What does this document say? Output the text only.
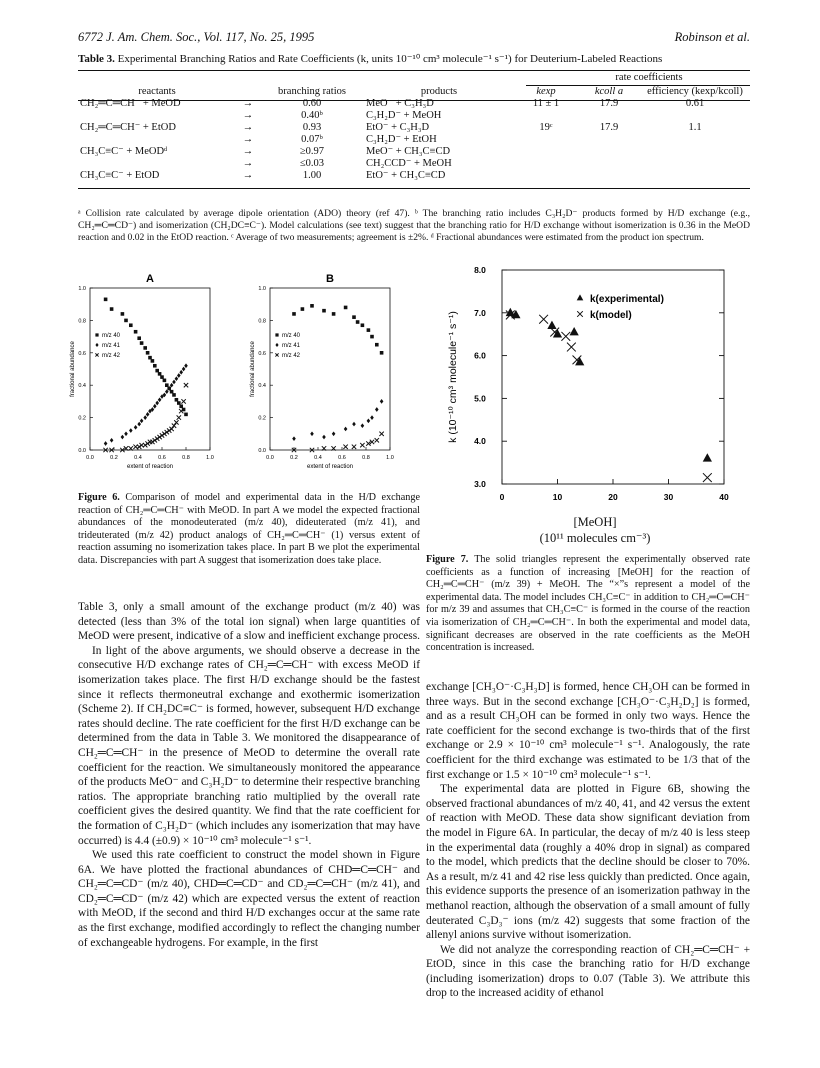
6772 J. Am. Chem. Soc., Vol. 117, No. 25, 1995	Robinson et al.
Table 3. Experimental Branching Ratios and Rate Coefficients (k, units 10⁻¹⁰ cm³ molecule⁻¹ s⁻¹) for Deuterium-Labeled Reactions
rate coefficients
reactants		branching ratios	products	kexp	kcoll a	efficiency (kexp/kcoll)
CH₂═C═CH⁻ + MeOD	→	0.60	MeO⁻ + C₃H₃D	11 ± 1	17.9	0.61
	→	0.40ᵇ	C₃H₂D⁻ + MeOH			
CH₂═C═CH⁻ + EtOD	→	0.93	EtO⁻ + C₃H₃D	19ᶜ	17.9	1.1
	→	0.07ᵇ	C₃H₂D⁻ + EtOH			
CH₃C≡C⁻ + MeODᵈ	→	≥0.97	MeO⁻ + CH₃C≡CD			
	→	≤0.03	CH₂CCD⁻ + MeOH			
CH₃C≡C⁻ + EtOD	→	1.00	EtO⁻ + CH₃C≡CD			
ᵃ Collision rate calculated by average dipole orientation (ADO) theory (ref 47). ᵇ The branching ratio includes C₃H₂D⁻ products formed by H/D exchange (e.g., CH₂═C═CD⁻) and isomerization (CH₂DC≡C⁻). Model calculations (see text) suggest that the branching ratio for H/D exchange without isomerization is 0.36 in the MeOD reaction and 0.02 in the EtOD reaction. ᶜ Average of two measurements; agreement is ±2%. ᵈ Fractional abundances were estimated from the product ion spectrum.
A
0.0	0.2	0.4	0.6	0.8	1.0
0.0
0.2
0.4
0.6
0.8
1.0
extent of reaction
fractional abundance
m/z 40
m/z 41
m/z 42
B
0.0	0.2	0.4	0.6	0.8	1.0
0.0
0.2
0.4
0.6
0.8
1.0
extent of reaction
fractional abundance
m/z 40
m/z 41
m/z 42
Figure 6. Comparison of model and experimental data in the H/D exchange reaction of CH₂═C═CH⁻ with MeOD. In part A we model the expected fractional abundances of the monodeuterated (m/z 40), dideuterated (m/z 41), and trideuterated (m/z 42) product analogs of CH₂═C═CH⁻ (1) versus extent of reaction assuming no isomerization takes place. In part B we plot the experimental data. Discrepancies with part A suggest that isomerization does take place.
3.0
4.0
5.0
6.0
7.0
8.0
0	10	20	30	40
k (10⁻¹⁰ cm³ molecule⁻¹ s⁻¹)
k(experimental)
k(model)
[MeOH]
(10¹¹ molecules cm⁻³)
Figure 7. The solid triangles represent the experimentally observed rate coefficients as a function of increasing [MeOH] for the reaction of CH₂═C═CH⁻ (m/z 39) + MeOH. The “×”s represent a model of the experimental data. The model includes CH₃C≡C⁻ in addition to CH₂═C═CH⁻ for m/z 39 and assumes that CH₃C≡C⁻ is formed in the course of the reaction via isomerization of CH₂═C═CH⁻. In both the experimental and model data, significant decreases are observed in the rate coefficients as the MeOH concentration is increased.

Table 3, only a small amount of the exchange product (m/z 40) was detected (less than 3% of the total ion signal) when large quantities of MeOD were present, indicative of a slow and inefficient exchange process.

In light of the above arguments, we should observe a decrease in the consecutive H/D exchange rates of CH₂═C═CH⁻ with excess MeOD if isomerization takes place. The first H/D exchange should be the fastest since it reflects thermoneutral exchange and exothermic isomerization (Scheme 2). If CH₂DC≡C⁻ is formed, however, subsequent H/D exchange rates should decline. The rate coefficient for the first H/D exchange can be determined from the data in Table 3. We monitored the disappearance of CH₂═C═CH⁻ in the presence of MeOD to determine the overall rate coefficient for the reaction. We simultaneously monitored the appearance of the products MeO⁻ and C₃H₂D⁻ to determine their respective branching ratios. The appropriate branching ratio multiplied by the overall rate coefficient gives the desired quantity. We find that the rate coefficient for the formation of C₃H₂D⁻ (which includes any isomerization that may have occurred) is 4.4 (±0.9) × 10⁻¹⁰ cm³ molecule⁻¹ s⁻¹.

We used this rate coefficient to construct the model shown in Figure 6A. We have plotted the fractional abundances of CHD═C═CH⁻ and CH₂═C═CD⁻ (m/z 40), CHD═C═CD⁻ and CD₂═C═CH⁻ (m/z 41), and CD₂═C═CD⁻ (m/z 42) which are expected versus the extent of reaction with MeOD, if the second and third H/D exchanges occur at the same rate as the first exchange, modified accordingly to reflect the changing number of exchangeable hydrogens. For example, in the first

exchange [CH₃O⁻·C₃H₃D] is formed, hence CH₃OH can be formed in three ways. But in the second exchange [CH₃O⁻·C₃H₂D₂] is formed, and as a result CH₃OH can be formed in only two ways. Hence the rate coefficient for the second exchange is two-thirds that of the first exchange or 2.9 × 10⁻¹⁰ cm³ molecule⁻¹ s⁻¹. Analogously, the rate coefficient for the third exchange was estimated to be 1/3 that of the first exchange or 1.5 × 10⁻¹⁰ cm³ molecule⁻¹ s⁻¹.

The experimental data are plotted in Figure 6B, showing the observed fractional abundances of m/z 40, 41, and 42 versus the extent of reaction with MeOD. These data show significant deviation from the model in Figure 6A. In particular, the decay of m/z 40 is less steep in the experimental data (roughly a 40% drop in signal) as compared to the model, which predicts that the decline should be closer to 70%. As a result, m/z 41 and 42 rise less quickly than predicted. Once again, this evidence supports the presence of an isomerization pathway in the methanol reaction, although the observation of a small amount of fully deuterated C₃D₃⁻ ions (m/z 42) suggests that some fraction of the allenyl anions survive without isomerization.

We did not analyze the corresponding reaction of CH₂═C═CH⁻ + EtOD, since in this case the branching ratio for H/D exchange (including isomerization) drops to 0.07 (Table 3). We attribute this drop to the increased acidity of ethanol
